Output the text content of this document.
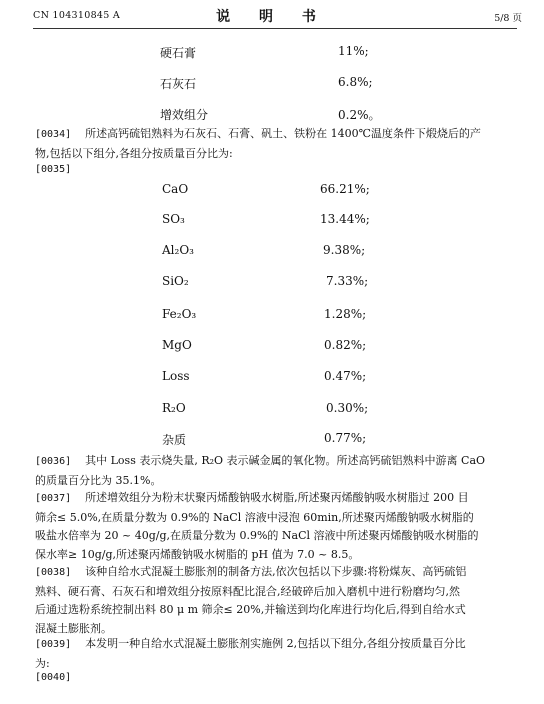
CN 104310845 A	说 明 书	5/8 页
硬石膏	11%;
石灰石	6.8%;
增效组分	0.2%。
[0034] 所述高钙硫铝熟料为石灰石、石膏、矾土、铁粉在 1400℃温度条件下煅烧后的产
物,包括以下组分,各组分按质量百分比为:
[0035]
CaO	66.21%;
SO₃	13.44%;
Al₂O₃	9.38%;
SiO₂	7.33%;
Fe₂O₃	1.28%;
MgO	0.82%;
Loss	0.47%;
R₂O	0.30%;
杂质	0.77%;
[0036] 其中 Loss 表示烧失量, R₂O 表示碱金属的氧化物。所述高钙硫铝熟料中游离 CaO
的质量百分比为 35.1%。
[0037] 所述增效组分为粉末状聚丙烯酸钠吸水树脂,所述聚丙烯酸钠吸水树脂过 200 目
筛余≤ 5.0%,在质量分数为 0.9%的 NaCl 溶液中浸泡 60min,所述聚丙烯酸钠吸水树脂的
吸盐水倍率为 20 ~ 40g/g,在质量分数为 0.9%的 NaCl 溶液中所述聚丙烯酸钠吸水树脂的
保水率≥ 10g/g,所述聚丙烯酸钠吸水树脂的 pH 值为 7.0 ~ 8.5。
[0038] 该种自给水式混凝土膨胀剂的制备方法,依次包括以下步骤:将粉煤灰、高钙硫铝
熟料、硬石膏、石灰石和增效组分按原料配比混合,经破碎后加入磨机中进行粉磨均匀,然
后通过选粉系统控制出料 80 μ m 筛余≤ 20%,并输送到均化库进行均化后,得到自给水式
混凝土膨胀剂。
[0039] 本发明一种自给水式混凝土膨胀剂实施例 2,包括以下组分,各组分按质量百分比
为:
[0040]
